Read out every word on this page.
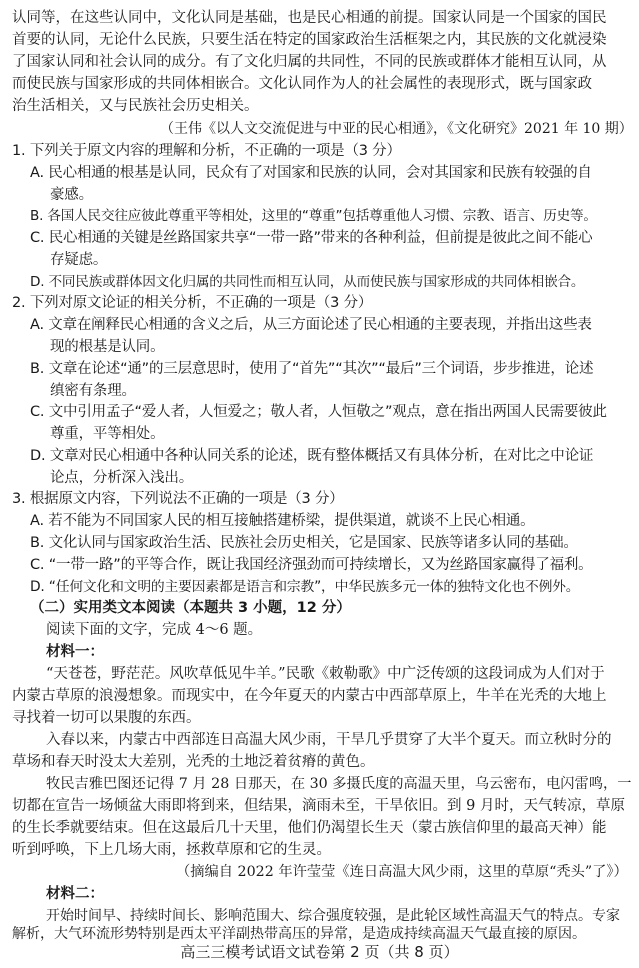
认同等，在这些认同中，文化认同是基础，也是民心相通的前提。国家认同是一个国家的国民
首要的认同，无论什么民族，只要生活在特定的国家政治生活框架之内，其民族的文化就浸染
了国家认同和社会认同的成分。有了文化归属的共同性，不同的民族或群体才能相互认同，从
而使民族与国家形成的共同体相嵌合。文化认同作为人的社会属性的表现形式，既与国家政
治生活相关，又与民族社会历史相关。
（王伟《以人文交流促进与中亚的民心相通》，《文化研究》2021 年 10 期）
1. 下列关于原文内容的理解和分析，不正确的一项是（3 分）
A. 民心相通的根基是认同，民众有了对国家和民族的认同，会对其国家和民族有较强的自
豪感。
B. 各国人民交往应彼此尊重平等相处，这里的“尊重”包括尊重他人习惯、宗教、语言、历史等。
C. 民心相通的关键是丝路国家共享“一带一路”带来的各种利益，但前提是彼此之间不能心
存疑虑。
D. 不同民族或群体因文化归属的共同性而相互认同，从而使民族与国家形成的共同体相嵌合。
2. 下列对原文论证的相关分析，不正确的一项是（3 分）
A. 文章在阐释民心相通的含义之后，从三方面论述了民心相通的主要表现，并指出这些表
现的根基是认同。
B. 文章在论述“通”的三层意思时，使用了“首先”“其次”“最后”三个词语，步步推进，论述
缜密有条理。
C. 文中引用孟子“爱人者，人恒爱之；敬人者，人恒敬之”观点，意在指出两国人民需要彼此
尊重，平等相处。
D. 文章对民心相通中各种认同关系的论述，既有整体概括又有具体分析，在对比之中论证
论点，分析深入浅出。
3. 根据原文内容，下列说法不正确的一项是（3 分）
A. 若不能为不同国家人民的相互接触搭建桥梁，提供渠道，就谈不上民心相通。
B. 文化认同与国家政治生活、民族社会历史相关，它是国家、民族等诸多认同的基础。
C. “一带一路”的平等合作，既让我国经济强劲而可持续增长，又为丝路国家赢得了福利。
D. “任何文化和文明的主要因素都是语言和宗教”，中华民族多元一体的独特文化也不例外。
（二）实用类文本阅读（本题共 3 小题，12 分）
阅读下面的文字，完成 4～6 题。
材料一：
“天苍苍，野茫茫。风吹草低见牛羊。”民歌《敕勒歌》中广泛传颂的这段词成为人们对于
内蒙古草原的浪漫想象。而现实中，在今年夏天的内蒙古中西部草原上，牛羊在光秃的大地上
寻找着一切可以果腹的东西。
入春以来，内蒙古中西部连日高温大风少雨，干旱几乎贯穿了大半个夏天。而立秋时分的
草场和春天时没太大差别，光秃的土地泛着贫瘠的黄色。
牧民吉雅巴图还记得 7 月 28 日那天，在 30 多摄氏度的高温天里，乌云密布，电闪雷鸣，一
切都在宣告一场倾盆大雨即将到来，但结果，滴雨未至，干旱依旧。到 9 月时，天气转凉，草原
的生长季就要结束。但在这最后几十天里，他们仍渴望长生天（蒙古族信仰里的最高天神）能
听到呼唤，下上几场大雨，拯救草原和它的生灵。
（摘编自 2022 年许莹莹《连日高温大风少雨，这里的草原“秃头”了》）
材料二：
开始时间早、持续时间长、影响范围大、综合强度较强，是此轮区域性高温天气的特点。专家
解析，大气环流形势特别是西太平洋副热带高压的异常，是造成持续高温天气最直接的原因。
高三三模考试语文试卷第 2 页（共 8 页）
